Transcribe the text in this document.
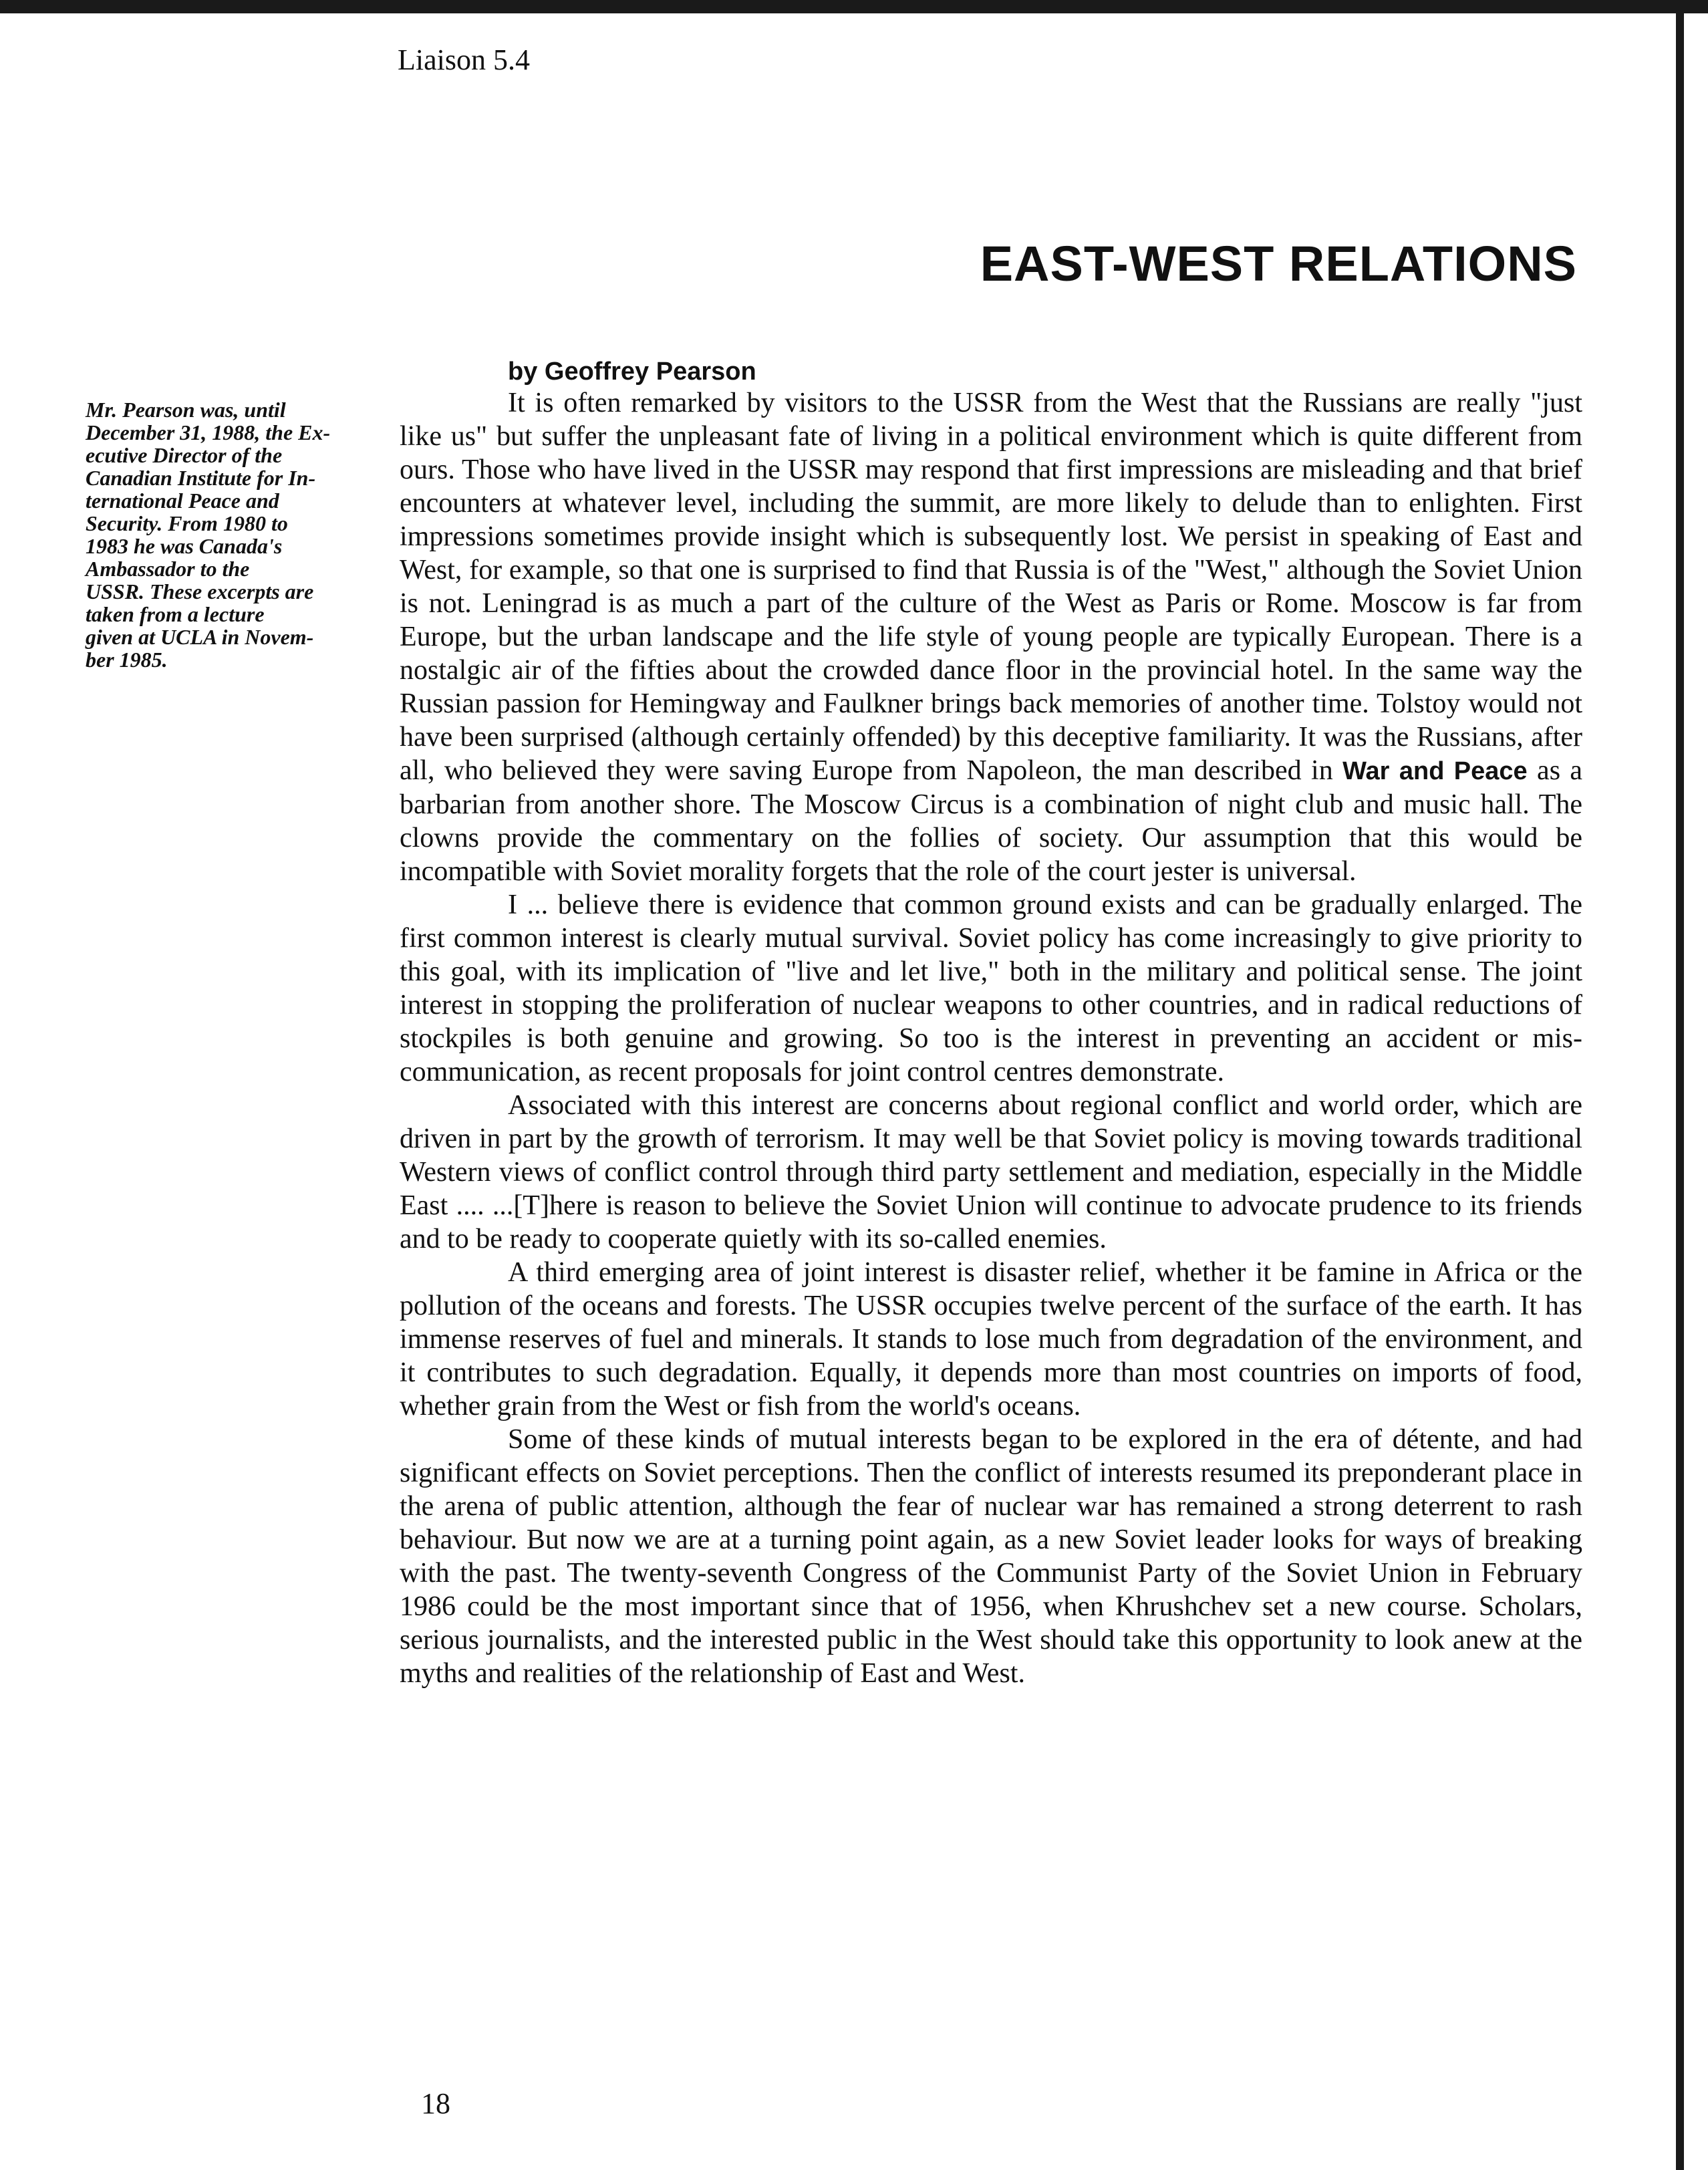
Liaison 5.4
EAST-WEST RELATIONS
Mr. Pearson was, until
December 31, 1988, the Ex-
ecutive Director of the
Canadian Institute for In-
ternational Peace and
Security. From 1980 to
1983 he was Canada's
Ambassador to the
USSR. These excerpts are
taken from a lecture
given at UCLA in Novem-
ber 1985.
by Geoffrey Pearson

It is often remarked by visitors to the USSR from the West that the Russians are really "just like us" but suffer the unpleasant fate of living in a political environment which is quite different from ours. Those who have lived in the USSR may respond that first impressions are misleading and that brief encounters at whatever level, including the summit, are more likely to delude than to enlighten. First impressions sometimes provide insight which is subsequently lost. We persist in speaking of East and West, for example, so that one is surprised to find that Russia is of the "West," although the Soviet Union is not. Leningrad is as much a part of the culture of the West as Paris or Rome. Moscow is far from Europe, but the urban landscape and the life style of young people are typically European. There is a nostalgic air of the fifties about the crowded dance floor in the provincial hotel. In the same way the Russian passion for Hemingway and Faulkner brings back memories of another time. Tolstoy would not have been surprised (although certainly offended) by this deceptive familiarity. It was the Russians, after all, who believed they were saving Europe from Napoleon, the man described in War and Peace as a barbarian from another shore. The Moscow Circus is a combination of night club and music hall. The clowns provide the commentary on the follies of society. Our assumption that this would be incompatible with Soviet morality forgets that the role of the court jester is universal.

I ... believe there is evidence that common ground exists and can be gradually enlarged. The first common interest is clearly mutual survival. Soviet policy has come increasingly to give priority to this goal, with its implication of "live and let live," both in the military and political sense. The joint interest in stopping the proliferation of nuclear weapons to other countries, and in radical reductions of stockpiles is both genuine and growing. So too is the interest in preventing an accident or mis-communication, as recent proposals for joint control centres demonstrate.

Associated with this interest are concerns about regional conflict and world order, which are driven in part by the growth of terrorism. It may well be that Soviet policy is moving towards traditional Western views of conflict control through third party settlement and mediation, especially in the Middle East .... ...[T]here is reason to believe the Soviet Union will continue to advocate prudence to its friends and to be ready to cooperate quietly with its so-called enemies.

A third emerging area of joint interest is disaster relief, whether it be famine in Africa or the pollution of the oceans and forests. The USSR occupies twelve percent of the surface of the earth. It has immense reserves of fuel and minerals. It stands to lose much from degradation of the environment, and it contributes to such degradation. Equally, it depends more than most countries on imports of food, whether grain from the West or fish from the world's oceans.

Some of these kinds of mutual interests began to be explored in the era of détente, and had significant effects on Soviet perceptions. Then the conflict of interests resumed its preponderant place in the arena of public attention, although the fear of nuclear war has remained a strong deterrent to rash behaviour. But now we are at a turning point again, as a new Soviet leader looks for ways of breaking with the past. The twenty-seventh Congress of the Communist Party of the Soviet Union in February 1986 could be the most important since that of 1956, when Khrushchev set a new course. Scholars, serious journalists, and the interested public in the West should take this opportunity to look anew at the myths and realities of the relationship of East and West.

18
